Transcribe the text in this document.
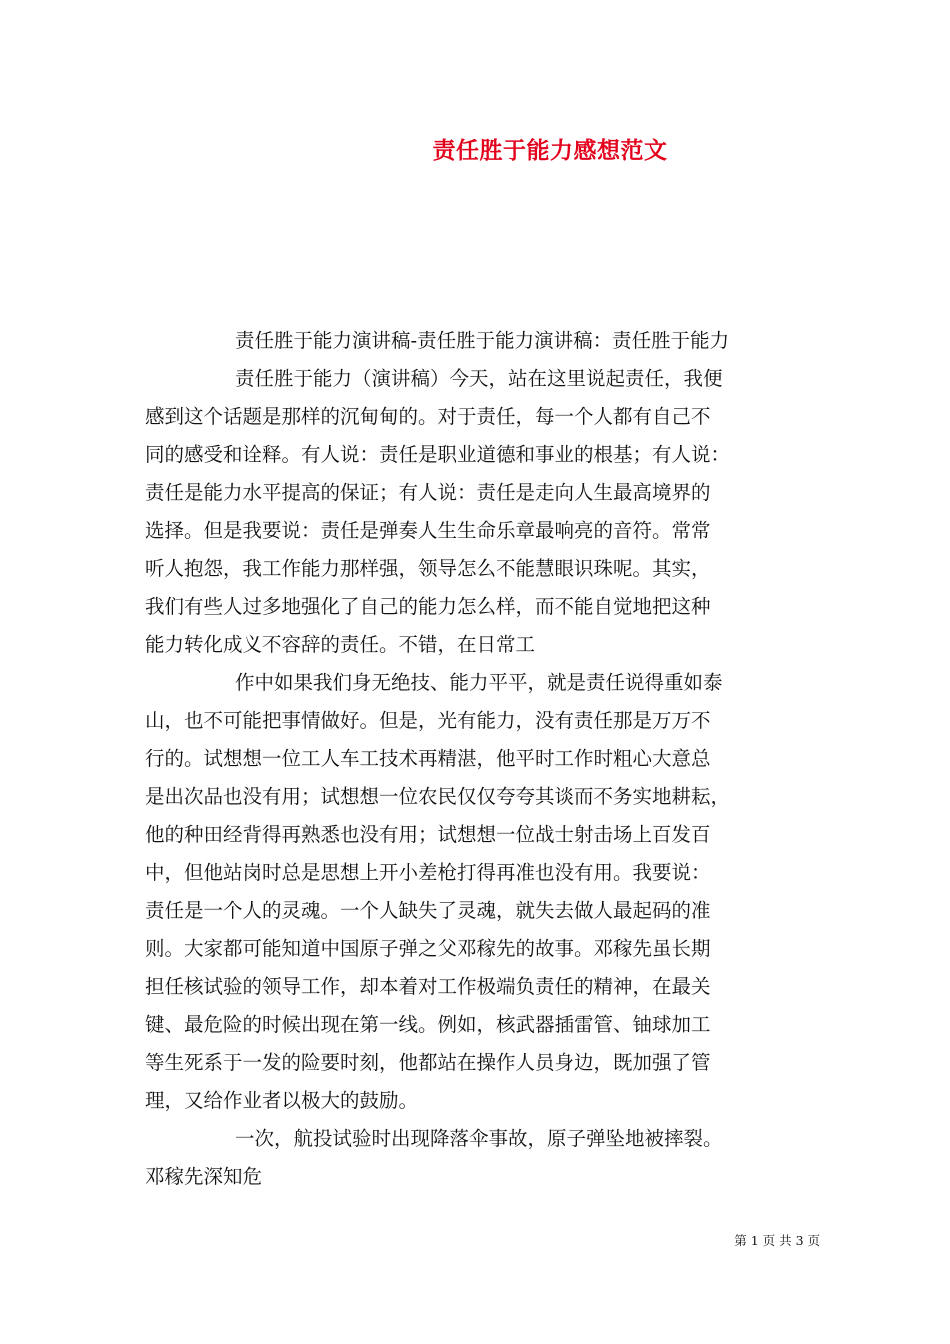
责任胜于能力感想范文
责任胜于能力演讲稿-责任胜于能力演讲稿：责任胜于能力
责任胜于能力（演讲稿）今天，站在这里说起责任，我便
感到这个话题是那样的沉甸甸的。对于责任，每一个人都有自己不
同的感受和诠释。有人说：责任是职业道德和事业的根基；有人说：
责任是能力水平提高的保证；有人说：责任是走向人生最高境界的
选择。但是我要说：责任是弹奏人生生命乐章最响亮的音符。常常
听人抱怨，我工作能力那样强，领导怎么不能慧眼识珠呢。其实，
我们有些人过多地强化了自己的能力怎么样，而不能自觉地把这种
能力转化成义不容辞的责任。不错，在日常工
作中如果我们身无绝技、能力平平，就是责任说得重如泰
山，也不可能把事情做好。但是，光有能力，没有责任那是万万不
行的。试想想一位工人车工技术再精湛，他平时工作时粗心大意总
是出次品也没有用；试想想一位农民仅仅夸夸其谈而不务实地耕耘，
他的种田经背得再熟悉也没有用；试想想一位战士射击场上百发百
中，但他站岗时总是思想上开小差枪打得再准也没有用。我要说：
责任是一个人的灵魂。一个人缺失了灵魂，就失去做人最起码的准
则。大家都可能知道中国原子弹之父邓稼先的故事。邓稼先虽长期
担任核试验的领导工作，却本着对工作极端负责任的精神，在最关
键、最危险的时候出现在第一线。例如，核武器插雷管、铀球加工
等生死系于一发的险要时刻，他都站在操作人员身边，既加强了管
理，又给作业者以极大的鼓励。
一次，航投试验时出现降落伞事故，原子弹坠地被摔裂。
邓稼先深知危
第 1 页 共 3 页
